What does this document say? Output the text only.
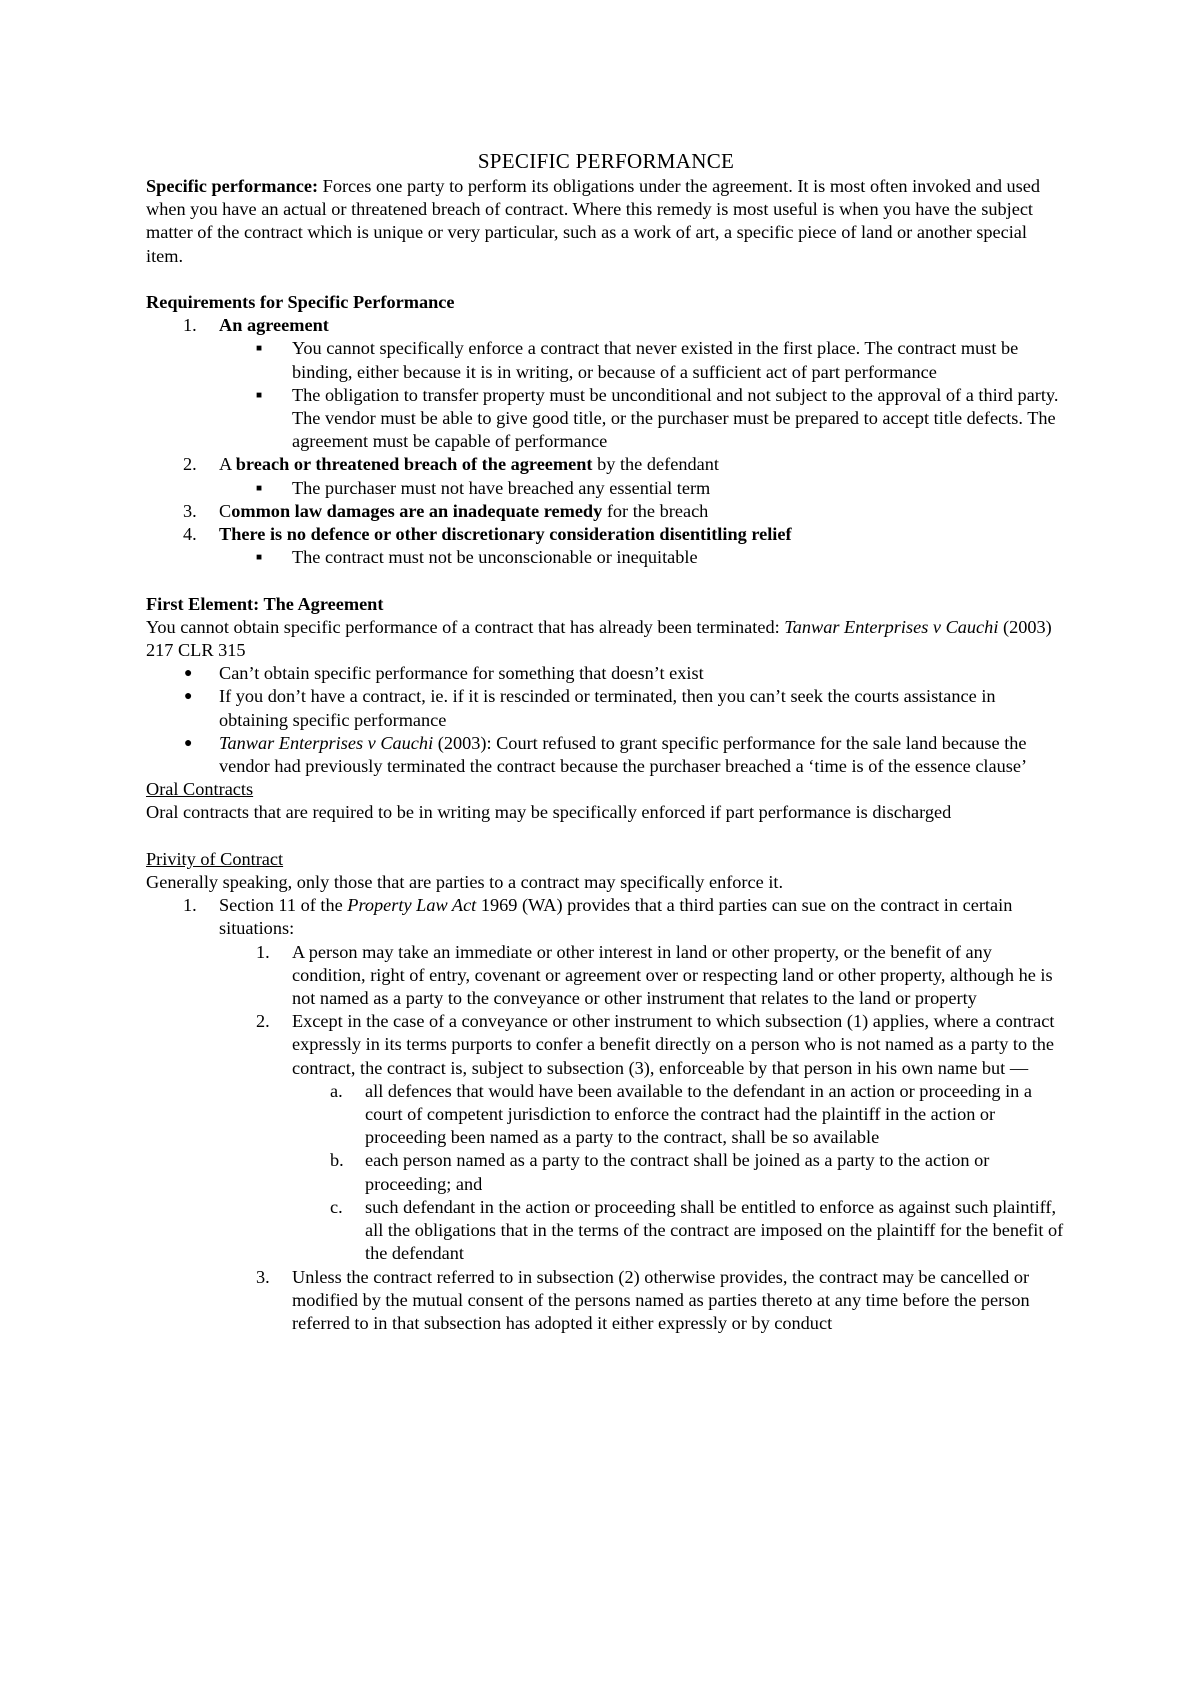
SPECIFIC PERFORMANCE

Specific performance: Forces one party to perform its obligations under the agreement. It is most often invoked and used when you have an actual or threatened breach of contract. Where this remedy is most useful is when you have the subject matter of the contract which is unique or very particular, such as a work of art, a specific piece of land or another special item.

Requirements for Specific Performance

1. An agreement
■ You cannot specifically enforce a contract that never existed in the first place. The contract must be binding, either because it is in writing, or because of a sufficient act of part performance
■ The obligation to transfer property must be unconditional and not subject to the approval of a third party. The vendor must be able to give good title, or the purchaser must be prepared to accept title defects. The agreement must be capable of performance
2. A breach or threatened breach of the agreement by the defendant
■ The purchaser must not have breached any essential term
3. Common law damages are an inadequate remedy for the breach
4. There is no defence or other discretionary consideration disentitling relief
■ The contract must not be unconscionable or inequitable

First Element: The Agreement

You cannot obtain specific performance of a contract that has already been terminated: Tanwar Enterprises v Cauchi (2003) 217 CLR 315

● Can’t obtain specific performance for something that doesn’t exist
● If you don’t have a contract, ie. if it is rescinded or terminated, then you can’t seek the courts assistance in obtaining specific performance
● Tanwar Enterprises v Cauchi (2003): Court refused to grant specific performance for the sale land because the vendor had previously terminated the contract because the purchaser breached a ‘time is of the essence clause’

Oral Contracts

Oral contracts that are required to be in writing may be specifically enforced if part performance is discharged

Privity of Contract

Generally speaking, only those that are parties to a contract may specifically enforce it.

1. Section 11 of the Property Law Act 1969 (WA) provides that a third parties can sue on the contract in certain situations:
1. A person may take an immediate or other interest in land or other property, or the benefit of any condition, right of entry, covenant or agreement over or respecting land or other property, although he is not named as a party to the conveyance or other instrument that relates to the land or property
2. Except in the case of a conveyance or other instrument to which subsection (1) applies, where a contract expressly in its terms purports to confer a benefit directly on a person who is not named as a party to the contract, the contract is, subject to subsection (3), enforceable by that person in his own name but —
a. all defences that would have been available to the defendant in an action or proceeding in a court of competent jurisdiction to enforce the contract had the plaintiff in the action or proceeding been named as a party to the contract, shall be so available
b. each person named as a party to the contract shall be joined as a party to the action or proceeding; and
c. such defendant in the action or proceeding shall be entitled to enforce as against such plaintiff, all the obligations that in the terms of the contract are imposed on the plaintiff for the benefit of the defendant
3. Unless the contract referred to in subsection (2) otherwise provides, the contract may be cancelled or modified by the mutual consent of the persons named as parties thereto at any time before the person referred to in that subsection has adopted it either expressly or by conduct
